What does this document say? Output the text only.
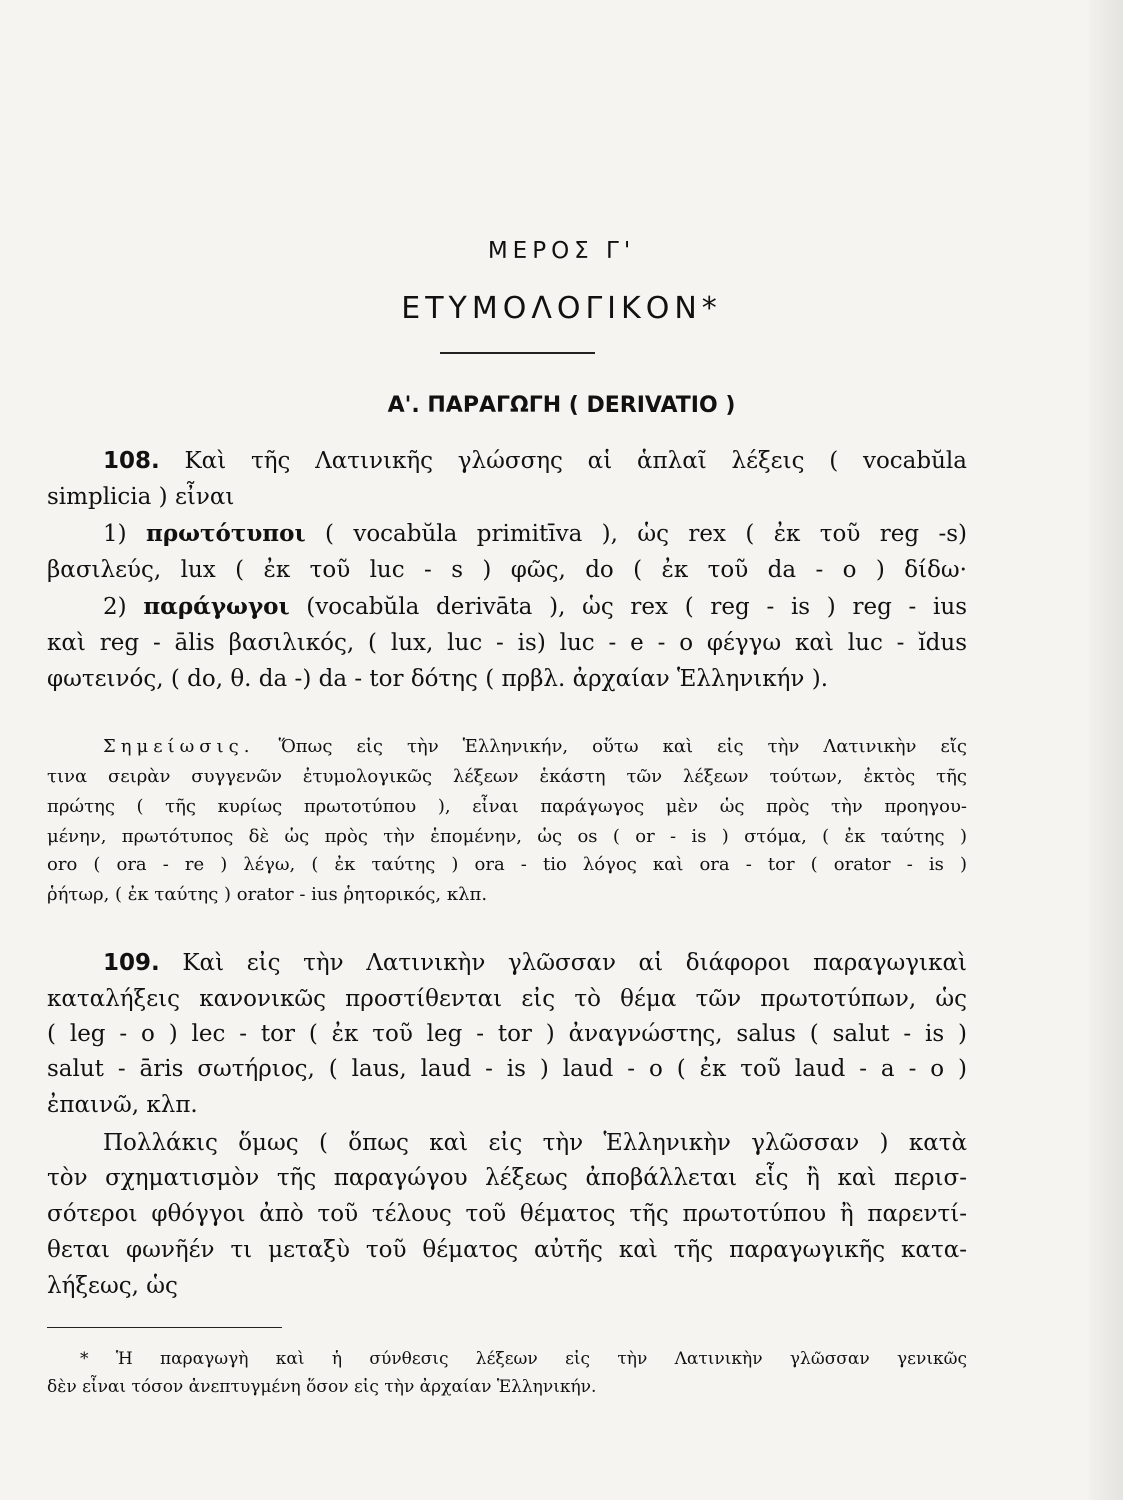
ΜΕΡΟΣ Γ'
ΕΤΥΜΟΛΟΓΙΚΟΝ*
Α'. ΠΑΡΑΓΩΓΗ ( DERIVATIO )
108. Καὶ τῆς Λατινικῆς γλώσσης αἱ ἁπλαῖ λέξεις ( vocabŭla
simplicia ) εἶναι
1) πρωτότυποι ( vocabŭla primitīva ), ὡς rex ( ἐκ τοῦ reg -s)
βασιλεύς, lux ( ἐκ τοῦ luc - s ) φῶς, do ( ἐκ τοῦ da - o ) δίδω·
2) παράγωγοι (vocabŭla derivāta ), ὡς rex ( reg - is ) reg - ius
καὶ reg - ālis βασιλικός, ( lux, luc - is) luc - e - o φέγγω καὶ luc - ĭdus
φωτεινός, ( do, θ. da -) da - tor δότης ( πρβλ. ἀρχαίαν Ἑλληνικήν ).
Σημείωσις. Ὅπως εἰς τὴν Ἑλληνικήν, οὕτω καὶ εἰς τὴν Λατινικὴν εἴς
τινα σειρὰν συγγενῶν ἐτυμολογικῶς λέξεων ἑκάστη τῶν λέξεων τούτων, ἐκτὸς τῆς
πρώτης ( τῆς κυρίως πρωτοτύπου ), εἶναι παράγωγος μὲν ὡς πρὸς τὴν προηγου-
μένην, πρωτότυπος δὲ ὡς πρὸς τὴν ἑπομένην, ὡς os ( or - is ) στόμα, ( ἐκ ταύτης )
oro ( ora - re ) λέγω, ( ἐκ ταύτης ) ora - tio λόγος καὶ ora - tor ( orator - is )
ῥήτωρ, ( ἐκ ταύτης ) orator - ius ῥητορικός, κλπ.
109. Καὶ εἰς τὴν Λατινικὴν γλῶσσαν αἱ διάφοροι παραγωγικαὶ
καταλήξεις κανονικῶς προστίθενται εἰς τὸ θέμα τῶν πρωτοτύπων, ὡς
( leg - o ) lec - tor ( ἐκ τοῦ leg - tor ) ἀναγνώστης, salus ( salut - is )
salut - āris σωτήριος, ( laus, laud - is ) laud - o ( ἐκ τοῦ laud - a - o )
ἐπαινῶ, κλπ.
Πολλάκις ὅμως ( ὅπως καὶ εἰς τὴν Ἑλληνικὴν γλῶσσαν ) κατὰ
τὸν σχηματισμὸν τῆς παραγώγου λέξεως ἀποβάλλεται εἷς ἢ καὶ περισ-
σότεροι φθόγγοι ἀπὸ τοῦ τέλους τοῦ θέματος τῆς πρωτοτύπου ἢ παρεντί-
θεται φωνῆέν τι μεταξὺ τοῦ θέματος αὐτῆς καὶ τῆς παραγωγικῆς κατα-
λήξεως, ὡς
* Ἡ παραγωγὴ καὶ ἡ σύνθεσις λέξεων εἰς τὴν Λατινικὴν γλῶσσαν γενικῶς
δὲν εἶναι τόσον ἀνεπτυγμένη ὅσον εἰς τὴν ἀρχαίαν Ἑλληνικήν.
